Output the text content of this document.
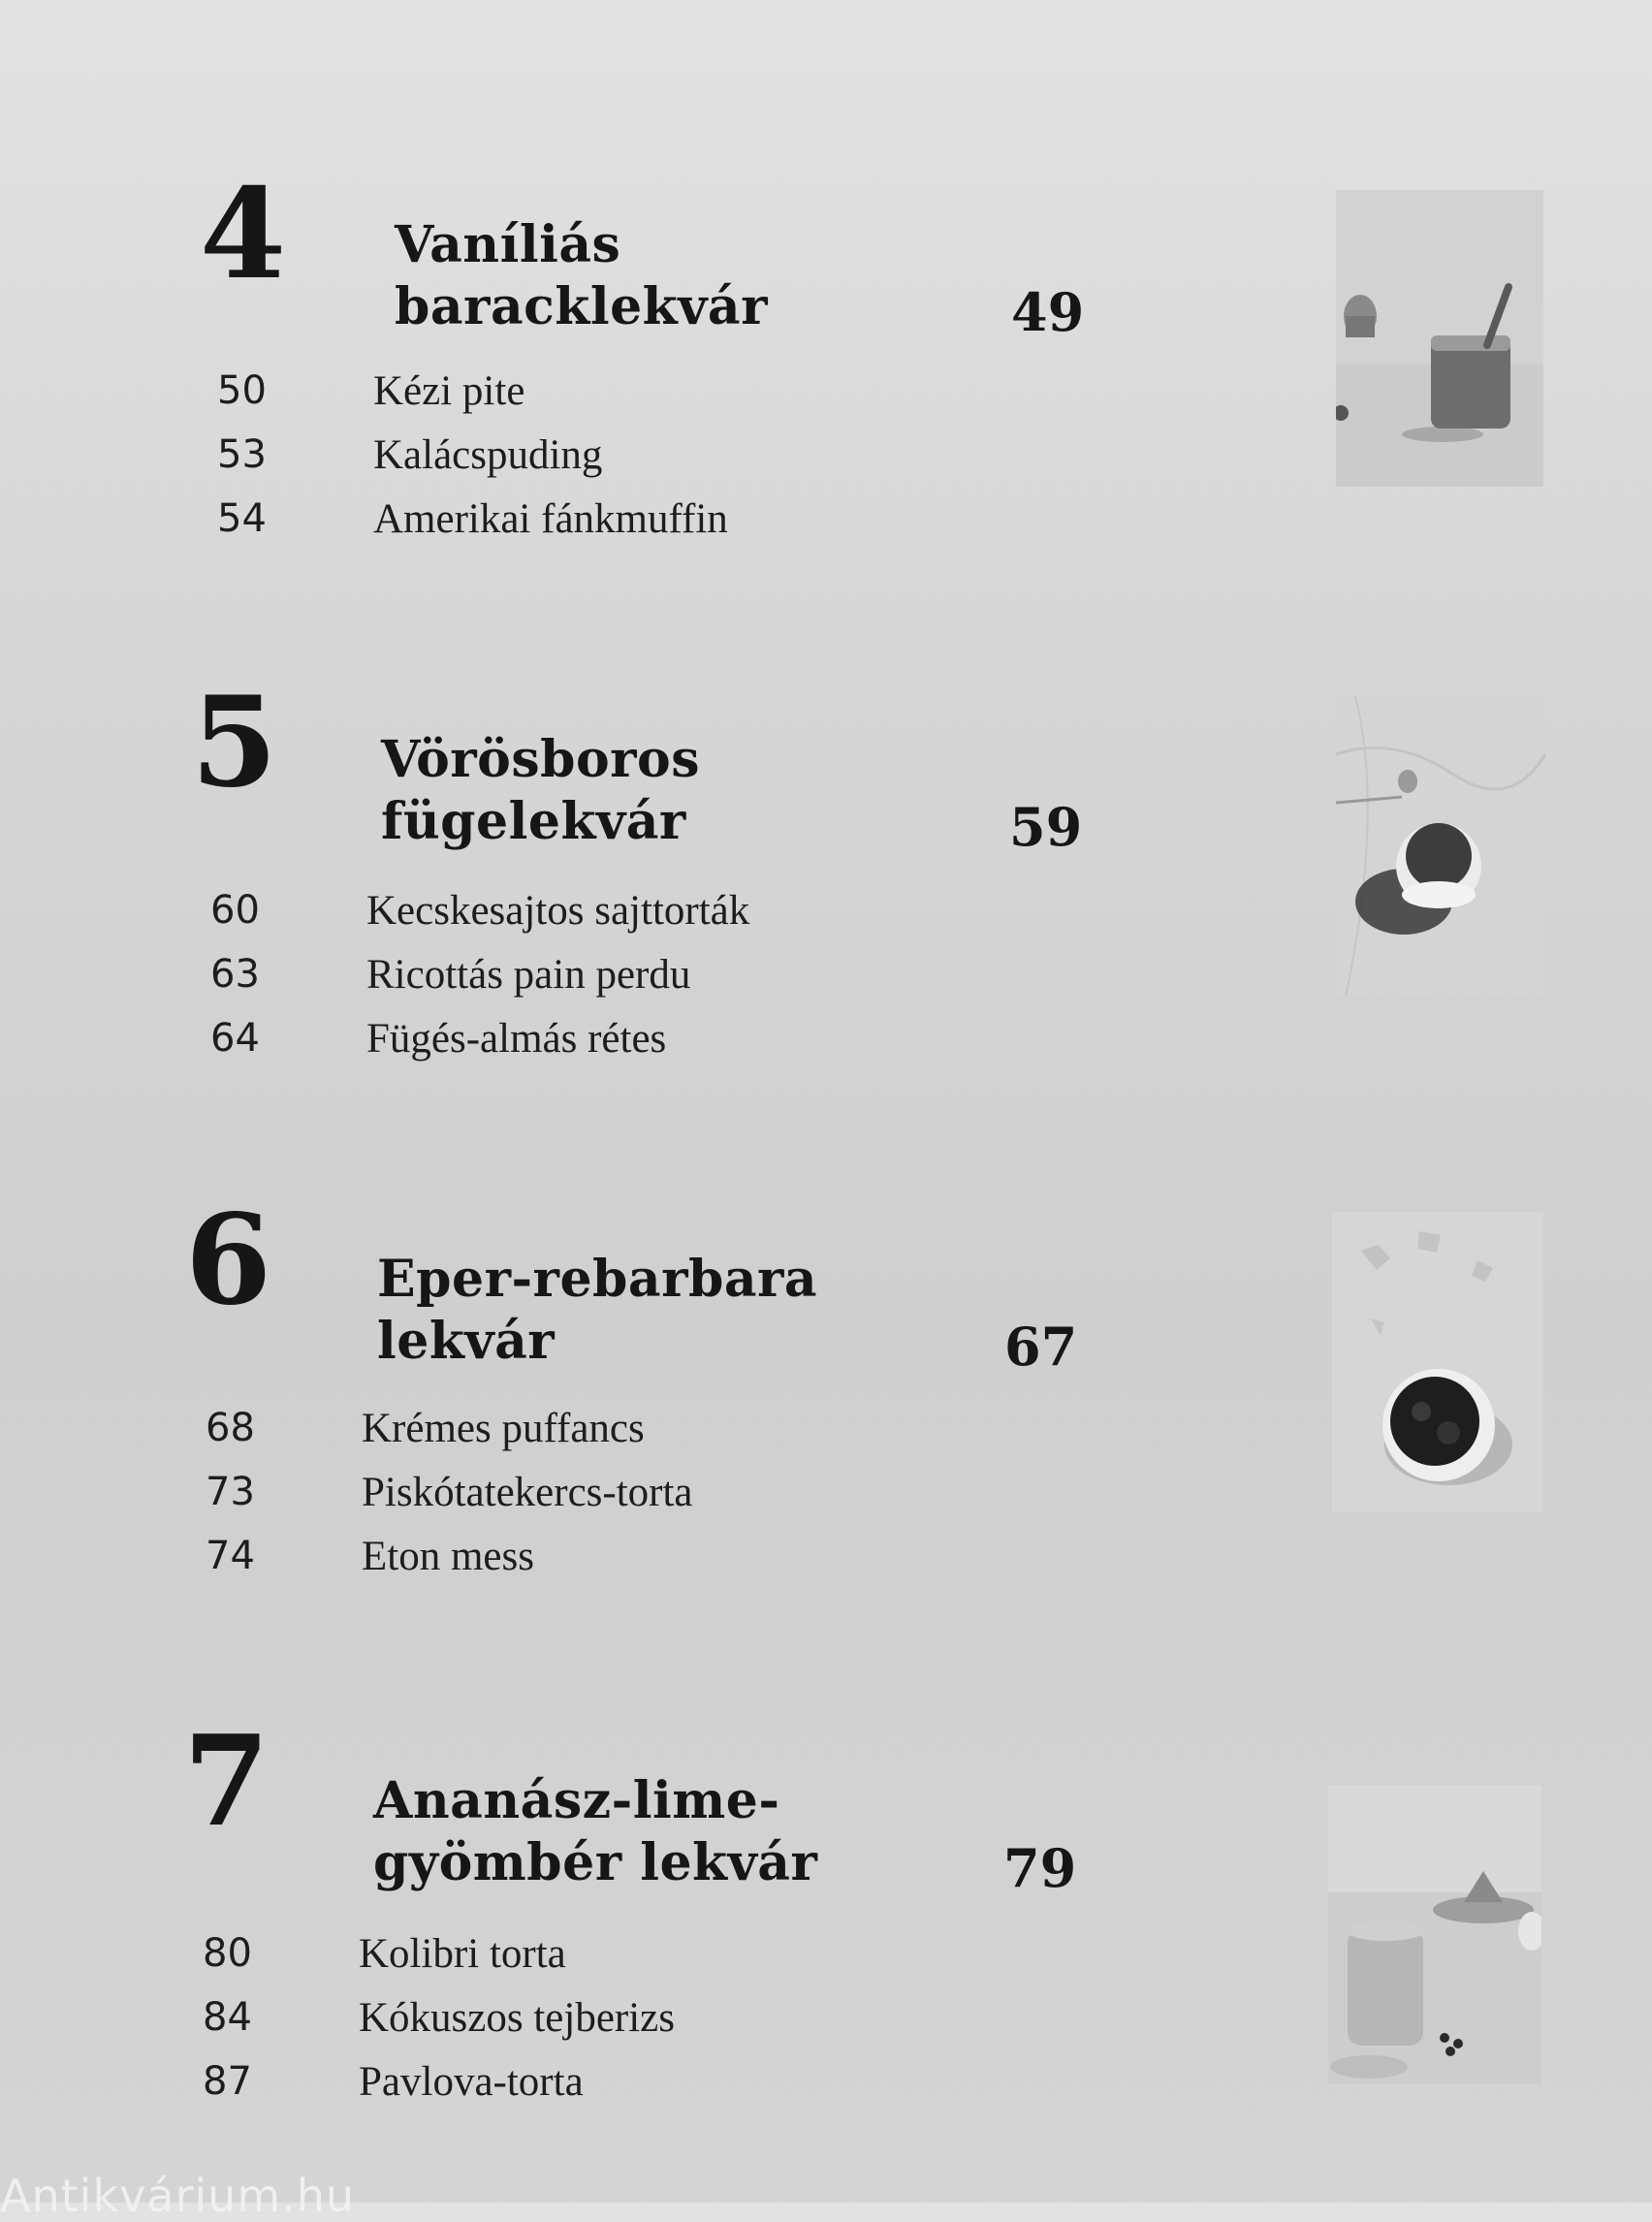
4 Vaníliás
baracklekvár	49
50	Kézi pite
53	Kalácspuding
54	Amerikai fánkmuffin
5 Vörösboros
fügelekvár	59
60	Kecskesajtos sajttorták
63	Ricottás pain perdu
64	Fügés-almás rétes
6 Eper-rebarbara
lekvár	67
68	Krémes puffancs
73	Piskótatekercs-torta
74	Eton mess
7 Ananász-lime-
gyömbér lekvár	79
80	Kolibri torta
84	Kókuszos tejberizs
87	Pavlova-torta
Antikvárium.hu
